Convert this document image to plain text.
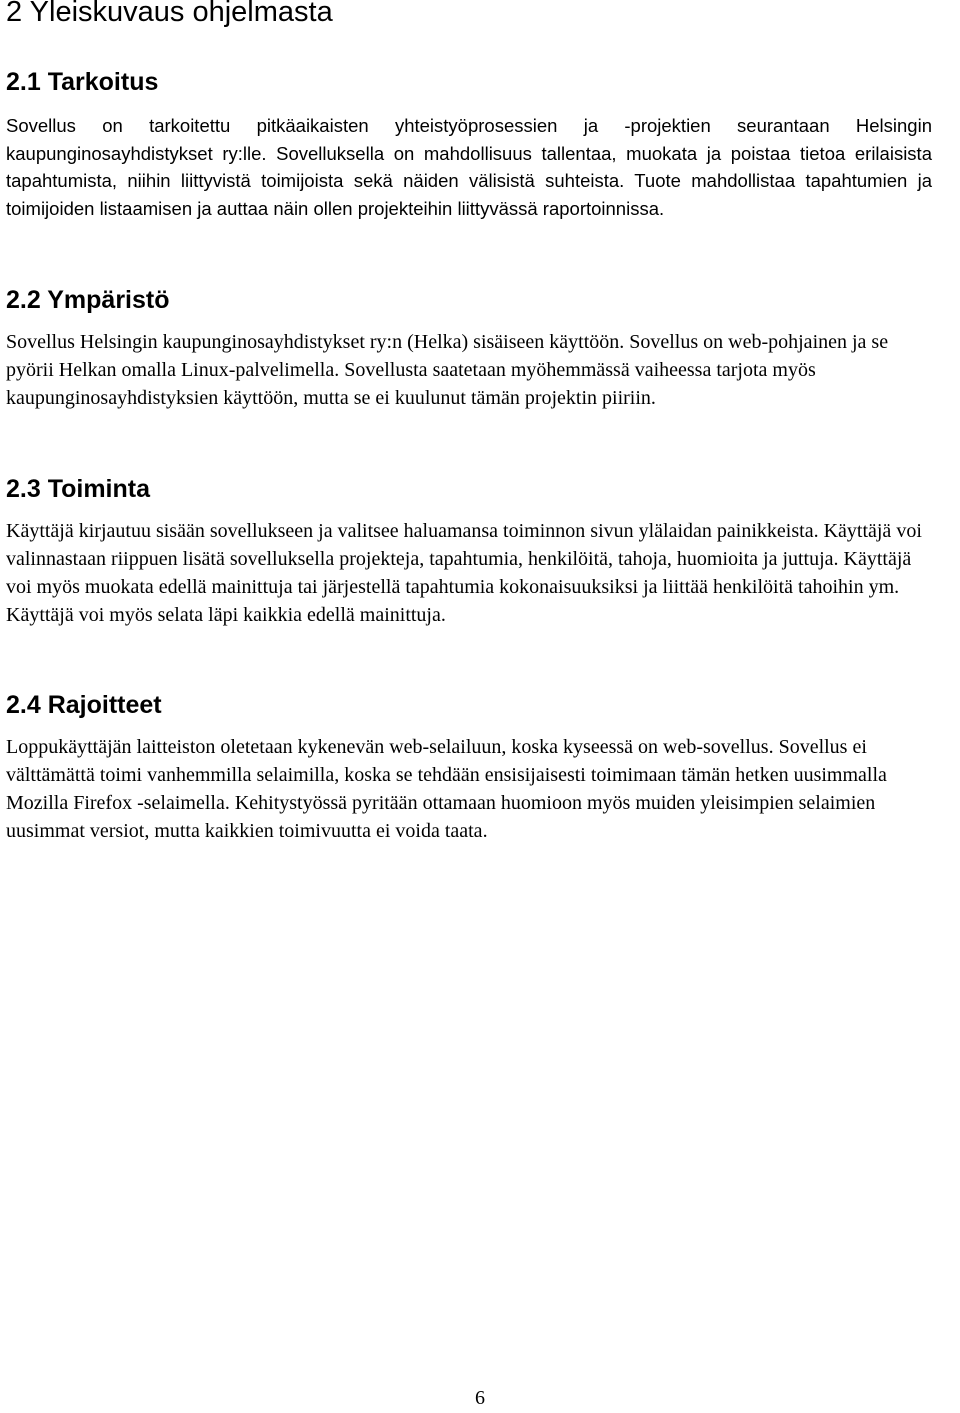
2 Yleiskuvaus ohjelmasta
2.1 Tarkoitus

Sovellus on tarkoitettu pitkäaikaisten yhteistyöprosessien ja -projektien seurantaan Helsingin kaupunginosayhdistykset ry:lle. Sovelluksella on mahdollisuus tallentaa, muokata ja poistaa tietoa erilaisista tapahtumista, niihin liittyvistä toimijoista sekä näiden välisistä suhteista. Tuote mahdollistaa tapahtumien ja toimijoiden listaamisen ja auttaa näin ollen projekteihin liittyvässä raportoinnissa.

2.2 Ympäristö

Sovellus Helsingin kaupunginosayhdistykset ry:n (Helka) sisäiseen käyttöön. Sovellus on web-pohjainen ja se pyörii Helkan omalla Linux-palvelimella. Sovellusta saatetaan myöhemmässä vaiheessa tarjota myös kaupunginosayhdistyksien käyttöön, mutta se ei kuulunut tämän projektin piiriin.

2.3 Toiminta

Käyttäjä kirjautuu sisään sovellukseen ja valitsee haluamansa toiminnon sivun ylälaidan painikkeista. Käyttäjä voi valinnastaan riippuen lisätä sovelluksella projekteja, tapahtumia, henkilöitä, tahoja, huomioita ja juttuja. Käyttäjä voi myös muokata edellä mainittuja tai järjestellä tapahtumia kokonaisuuksiksi ja liittää henkilöitä tahoihin ym. Käyttäjä voi myös selata läpi kaikkia edellä mainittuja.

2.4 Rajoitteet

Loppukäyttäjän laitteiston oletetaan kykenevän web-selailuun, koska kyseessä on web-sovellus. Sovellus ei välttämättä toimi vanhemmilla selaimilla, koska se tehdään ensisijaisesti toimimaan tämän hetken uusimmalla Mozilla Firefox -selaimella. Kehitystyössä pyritään ottamaan huomioon myös muiden yleisimpien selaimien uusimmat versiot, mutta kaikkien toimivuutta ei voida taata.

6
